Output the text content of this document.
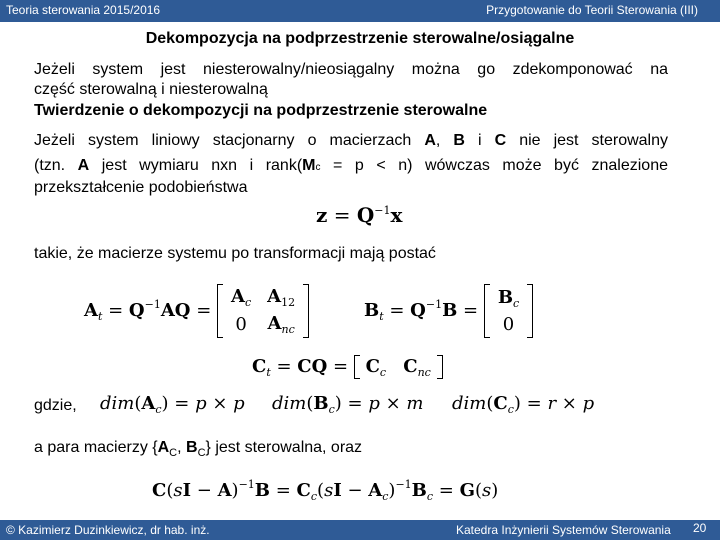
Teoria sterowania 2015/2016	Przygotowanie do Teorii Sterowania (III)
Dekompozycja na podprzestrzenie sterowalne/osiągalne
Jeżeli system jest niesterowalny/nieosiągalny można go zdekomponować na
część sterowalną i niesterowalną
Twierdzenie o dekompozycji na podprzestrzenie sterowalne
Jeżeli system liniowy stacjonarny o macierzach A, B i C nie jest sterowalny
(tzn. A jest wymiaru nxn i rank(Mc = p < n) wówczas może być znalezione
przekształcenie podobieństwa
$z = Q^{-1}x$
takie, że macierze systemu po transformacji mają postać
$A_t = Q^{-1}AQ$ =
$A_c$	$A_{12}$
0	$A_{nc}$
$B_t = Q^{-1}B$ =
$B_c$
0
$C_t$ = CQ =  $C_c$ $C_{nc}$
gdzie, $dim(A_c) = p \times p$ $dim(B_c) = p \times m$ $dim(C_c) = r \times p$
a para macierzy {$A_C$, $B_C$} jest sterowalna, oraz
$C(sI - A)^{-1}B = C_c(sI - A_c)^{-1}B_c = G(s)$
© Kazimierz Duzinkiewicz, dr hab. inż.	Katedra Inżynierii Systemów Sterowania 20
